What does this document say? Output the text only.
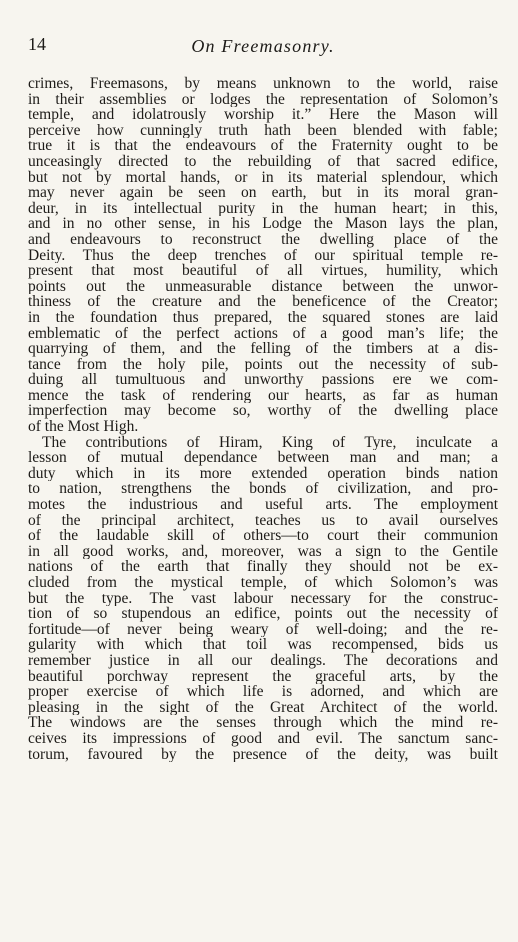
14	On Freemasonry.
crimes, Freemasons, by means unknown to the world, raise
in their assemblies or lodges the representation of Solomon’s
temple, and idolatrously worship it.” Here the Mason will
perceive how cunningly truth hath been blended with fable;
true it is that the endeavours of the Fraternity ought to be
unceasingly directed to the rebuilding of that sacred edifice,
but not by mortal hands, or in its material splendour, which
may never again be seen on earth, but in its moral gran-
deur, in its intellectual purity in the human heart; in this,
and in no other sense, in his Lodge the Mason lays the plan,
and endeavours to reconstruct the dwelling place of the
Deity. Thus the deep trenches of our spiritual temple re-
present that most beautiful of all virtues, humility, which
points out the unmeasurable distance between the unwor-
thiness of the creature and the beneficence of the Creator;
in the foundation thus prepared, the squared stones are laid
emblematic of the perfect actions of a good man’s life; the
quarrying of them, and the felling of the timbers at a dis-
tance from the holy pile, points out the necessity of sub-
duing all tumultuous and unworthy passions ere we com-
mence the task of rendering our hearts, as far as human
imperfection may become so, worthy of the dwelling place
of the Most High.
The contributions of Hiram, King of Tyre, inculcate a
lesson of mutual dependance between man and man; a
duty which in its more extended operation binds nation
to nation, strengthens the bonds of civilization, and pro-
motes the industrious and useful arts. The employment
of the principal architect, teaches us to avail ourselves
of the laudable skill of others—to court their communion
in all good works, and, moreover, was a sign to the Gentile
nations of the earth that finally they should not be ex-
cluded from the mystical temple, of which Solomon’s was
but the type. The vast labour necessary for the construc-
tion of so stupendous an edifice, points out the necessity of
fortitude—of never being weary of well-doing; and the re-
gularity with which that toil was recompensed, bids us
remember justice in all our dealings. The decorations and
beautiful porchway represent the graceful arts, by the
proper exercise of which life is adorned, and which are
pleasing in the sight of the Great Architect of the world.
The windows are the senses through which the mind re-
ceives its impressions of good and evil. The sanctum sanc-
torum, favoured by the presence of the deity, was built
